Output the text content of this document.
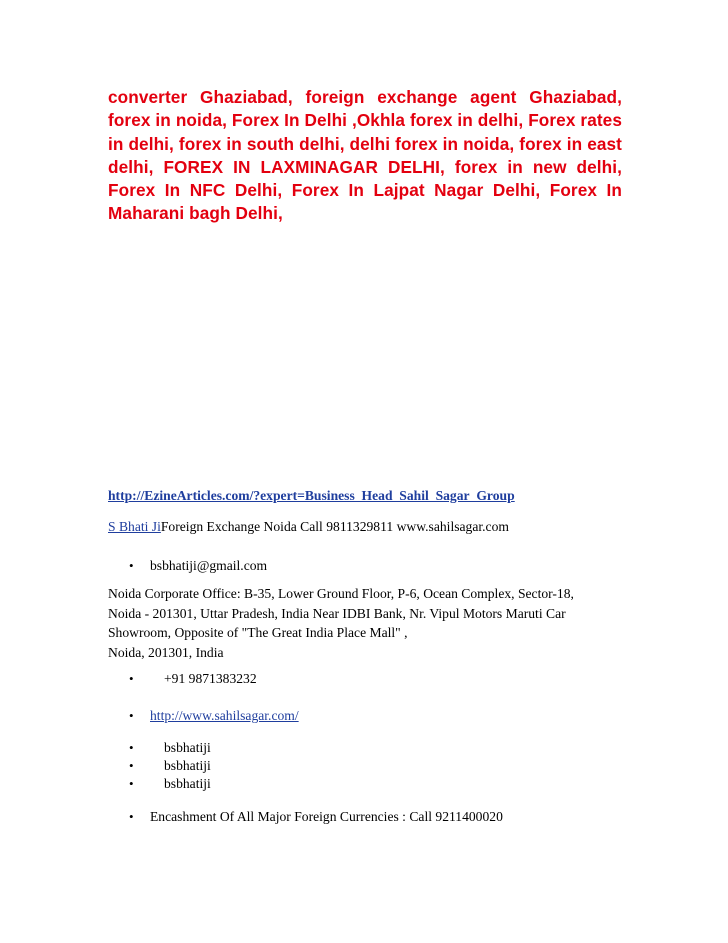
converter Ghaziabad, foreign exchange agent Ghaziabad, forex in noida, Forex In Delhi ,Okhla forex in delhi, Forex rates in delhi, forex in south delhi, delhi forex in noida, forex in east delhi, FOREX IN LAXMINAGAR DELHI, forex in new delhi, Forex In NFC Delhi, Forex In Lajpat Nagar Delhi, Forex In Maharani bagh Delhi,

http://EzineArticles.com/?expert=Business_Head_Sahil_Sagar_Group

S Bhati JiForeign Exchange Noida Call 9811329811 www.sahilsagar.com

• bsbhatiji@gmail.com

Noida Corporate Office: B-35, Lower Ground Floor, P-6, Ocean Complex, Sector-18,
Noida - 201301, Uttar Pradesh, India Near IDBI Bank, Nr. Vipul Motors Maruti Car
Showroom, Opposite of "The Great India Place Mall" ,
Noida, 201301, India

• +91 9871383232

• http://www.sahilsagar.com/

• bsbhatiji

• bsbhatiji

• bsbhatiji

• Encashment Of All Major Foreign Currencies : Call 9211400020
